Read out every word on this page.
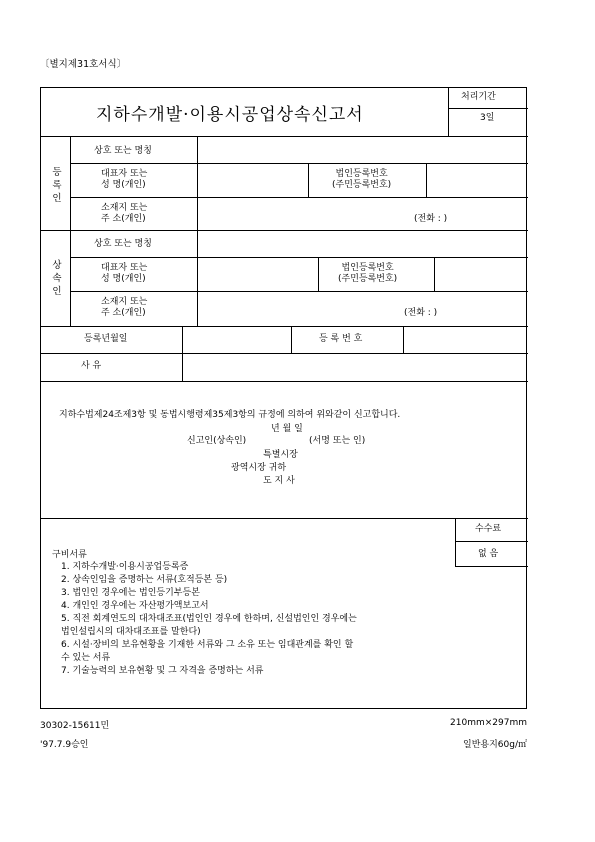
〔별지제31호서식〕
지하수개발·이용시공업상속신고서
처리기간
3일
등
록
인
상호 또는 명칭
대표자 또는
성 명(개인)
법인등록번호
(주민등록번호)
소재지 또는
주 소(개인)	(전화 : )
상
속
인
상호 또는 명칭
대표자 또는
성 명(개인)
법인등록번호
(주민등록번호)
소재지 또는
주 소(개인)	(전화 : )
등록년월일	등 록 번 호
사 유
지하수법제24조제3항 및 동법시행령제35제3항의 규정에 의하여 위와같이 신고합니다.
년 월 일
신고인(상속인)	(서명 또는 인)
특별시장
광역시장 귀하
도 지 사
수수료
없 음
구비서류
1. 지하수개발·이용시공업등록증
2. 상속인임을 증명하는 서류(호적등본 등)
3. 법인인 경우에는 법인등기부등본
4. 개인인 경우에는 자산평가액보고서
5. 직전 회계연도의 대차대조표(법인인 경우에 한하며, 신설법인인 경우에는
법인설립시의 대차대조표를 말한다)
6. 시설·장비의 보유현황을 기재한 서류와 그 소유 또는 임대관계를 확인 할
수 있는 서류
7. 기술능력의 보유현황 및 그 자격을 증명하는 서류
30302-15611민
'97.7.9승인
210mm×297mm
일반용지60g/㎡
